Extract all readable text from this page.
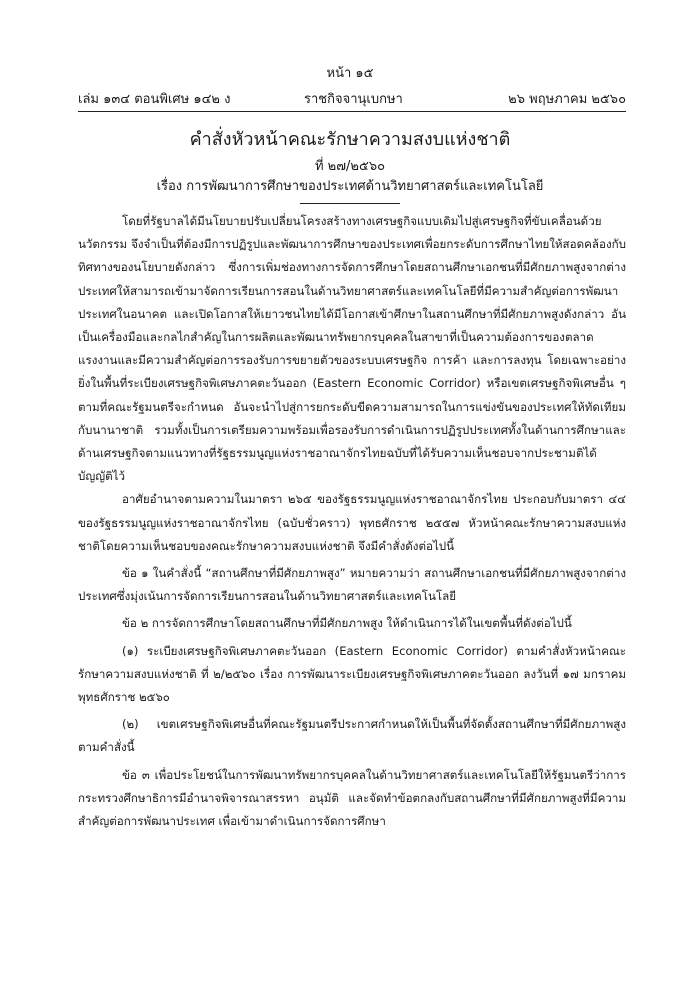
หน้า ๑๕
เล่ม ๑๓๔ ตอนพิเศษ ๑๔๒ ง	ราชกิจจานุเบกษา	๒๖ พฤษภาคม ๒๕๖๐
คำสั่งหัวหน้าคณะรักษาความสงบแห่งชาติ
ที่ ๒๗/๒๕๖๐
เรื่อง การพัฒนาการศึกษาของประเทศด้านวิทยาศาสตร์และเทคโนโลยี

โดยที่รัฐบาลได้มีนโยบายปรับเปลี่ยนโครงสร้างทางเศรษฐกิจแบบเดิมไปสู่เศรษฐกิจที่ขับเคลื่อนด้วยนวัตกรรม จึงจำเป็นที่ต้องมีการปฏิรูปและพัฒนาการศึกษาของประเทศเพื่อยกระดับการศึกษาไทยให้สอดคล้องกับทิศทางของนโยบายดังกล่าว ซึ่งการเพิ่มช่องทางการจัดการศึกษาโดยสถานศึกษาเอกชนที่มีศักยภาพสูงจากต่างประเทศให้สามารถเข้ามาจัดการเรียนการสอนในด้านวิทยาศาสตร์และเทคโนโลยีที่มีความสำคัญต่อการพัฒนาประเทศในอนาคต และเปิดโอกาสให้เยาวชนไทยได้มีโอกาสเข้าศึกษาในสถานศึกษาที่มีศักยภาพสูงดังกล่าว อันเป็นเครื่องมือและกลไกสำคัญในการผลิตและพัฒนาทรัพยากรบุคคลในสาขาที่เป็นความต้องการของตลาดแรงงานและมีความสำคัญต่อการรองรับการขยายตัวของระบบเศรษฐกิจ การค้า และการลงทุน โดยเฉพาะอย่างยิ่งในพื้นที่ระเบียงเศรษฐกิจพิเศษภาคตะวันออก (Eastern Economic Corridor) หรือเขตเศรษฐกิจพิเศษอื่น ๆ ตามที่คณะรัฐมนตรีจะกำหนด อันจะนำไปสู่การยกระดับขีดความสามารถในการแข่งขันของประเทศให้ทัดเทียมกับนานาชาติ รวมทั้งเป็นการเตรียมความพร้อมเพื่อรองรับการดำเนินการปฏิรูปประเทศทั้งในด้านการศึกษาและด้านเศรษฐกิจตามแนวทางที่รัฐธรรมนูญแห่งราชอาณาจักรไทยฉบับที่ได้รับความเห็นชอบจากประชามติได้บัญญัติไว้

อาศัยอำนาจตามความในมาตรา ๒๖๕ ของรัฐธรรมนูญแห่งราชอาณาจักรไทย ประกอบกับมาตรา ๔๔ ของรัฐธรรมนูญแห่งราชอาณาจักรไทย (ฉบับชั่วคราว) พุทธศักราช ๒๕๕๗ หัวหน้าคณะรักษาความสงบแห่งชาติโดยความเห็นชอบของคณะรักษาความสงบแห่งชาติ จึงมีคำสั่งดังต่อไปนี้

ข้อ ๑ ในคำสั่งนี้ “สถานศึกษาที่มีศักยภาพสูง” หมายความว่า สถานศึกษาเอกชนที่มีศักยภาพสูงจากต่างประเทศซึ่งมุ่งเน้นการจัดการเรียนการสอนในด้านวิทยาศาสตร์และเทคโนโลยี

ข้อ ๒ การจัดการศึกษาโดยสถานศึกษาที่มีศักยภาพสูง ให้ดำเนินการได้ในเขตพื้นที่ดังต่อไปนี้

(๑) ระเบียงเศรษฐกิจพิเศษภาคตะวันออก (Eastern Economic Corridor) ตามคำสั่งหัวหน้าคณะรักษาความสงบแห่งชาติ ที่ ๒/๒๕๖๐ เรื่อง การพัฒนาระเบียงเศรษฐกิจพิเศษภาคตะวันออก ลงวันที่ ๑๗ มกราคม พุทธศักราช ๒๕๖๐

(๒) เขตเศรษฐกิจพิเศษอื่นที่คณะรัฐมนตรีประกาศกำหนดให้เป็นพื้นที่จัดตั้งสถานศึกษาที่มีศักยภาพสูงตามคำสั่งนี้

ข้อ ๓ เพื่อประโยชน์ในการพัฒนาทรัพยากรบุคคลในด้านวิทยาศาสตร์และเทคโนโลยีให้รัฐมนตรีว่าการกระทรวงศึกษาธิการมีอำนาจพิจารณาสรรหา อนุมัติ และจัดทำข้อตกลงกับสถานศึกษาที่มีศักยภาพสูงที่มีความสำคัญต่อการพัฒนาประเทศ เพื่อเข้ามาดำเนินการจัดการศึกษา
